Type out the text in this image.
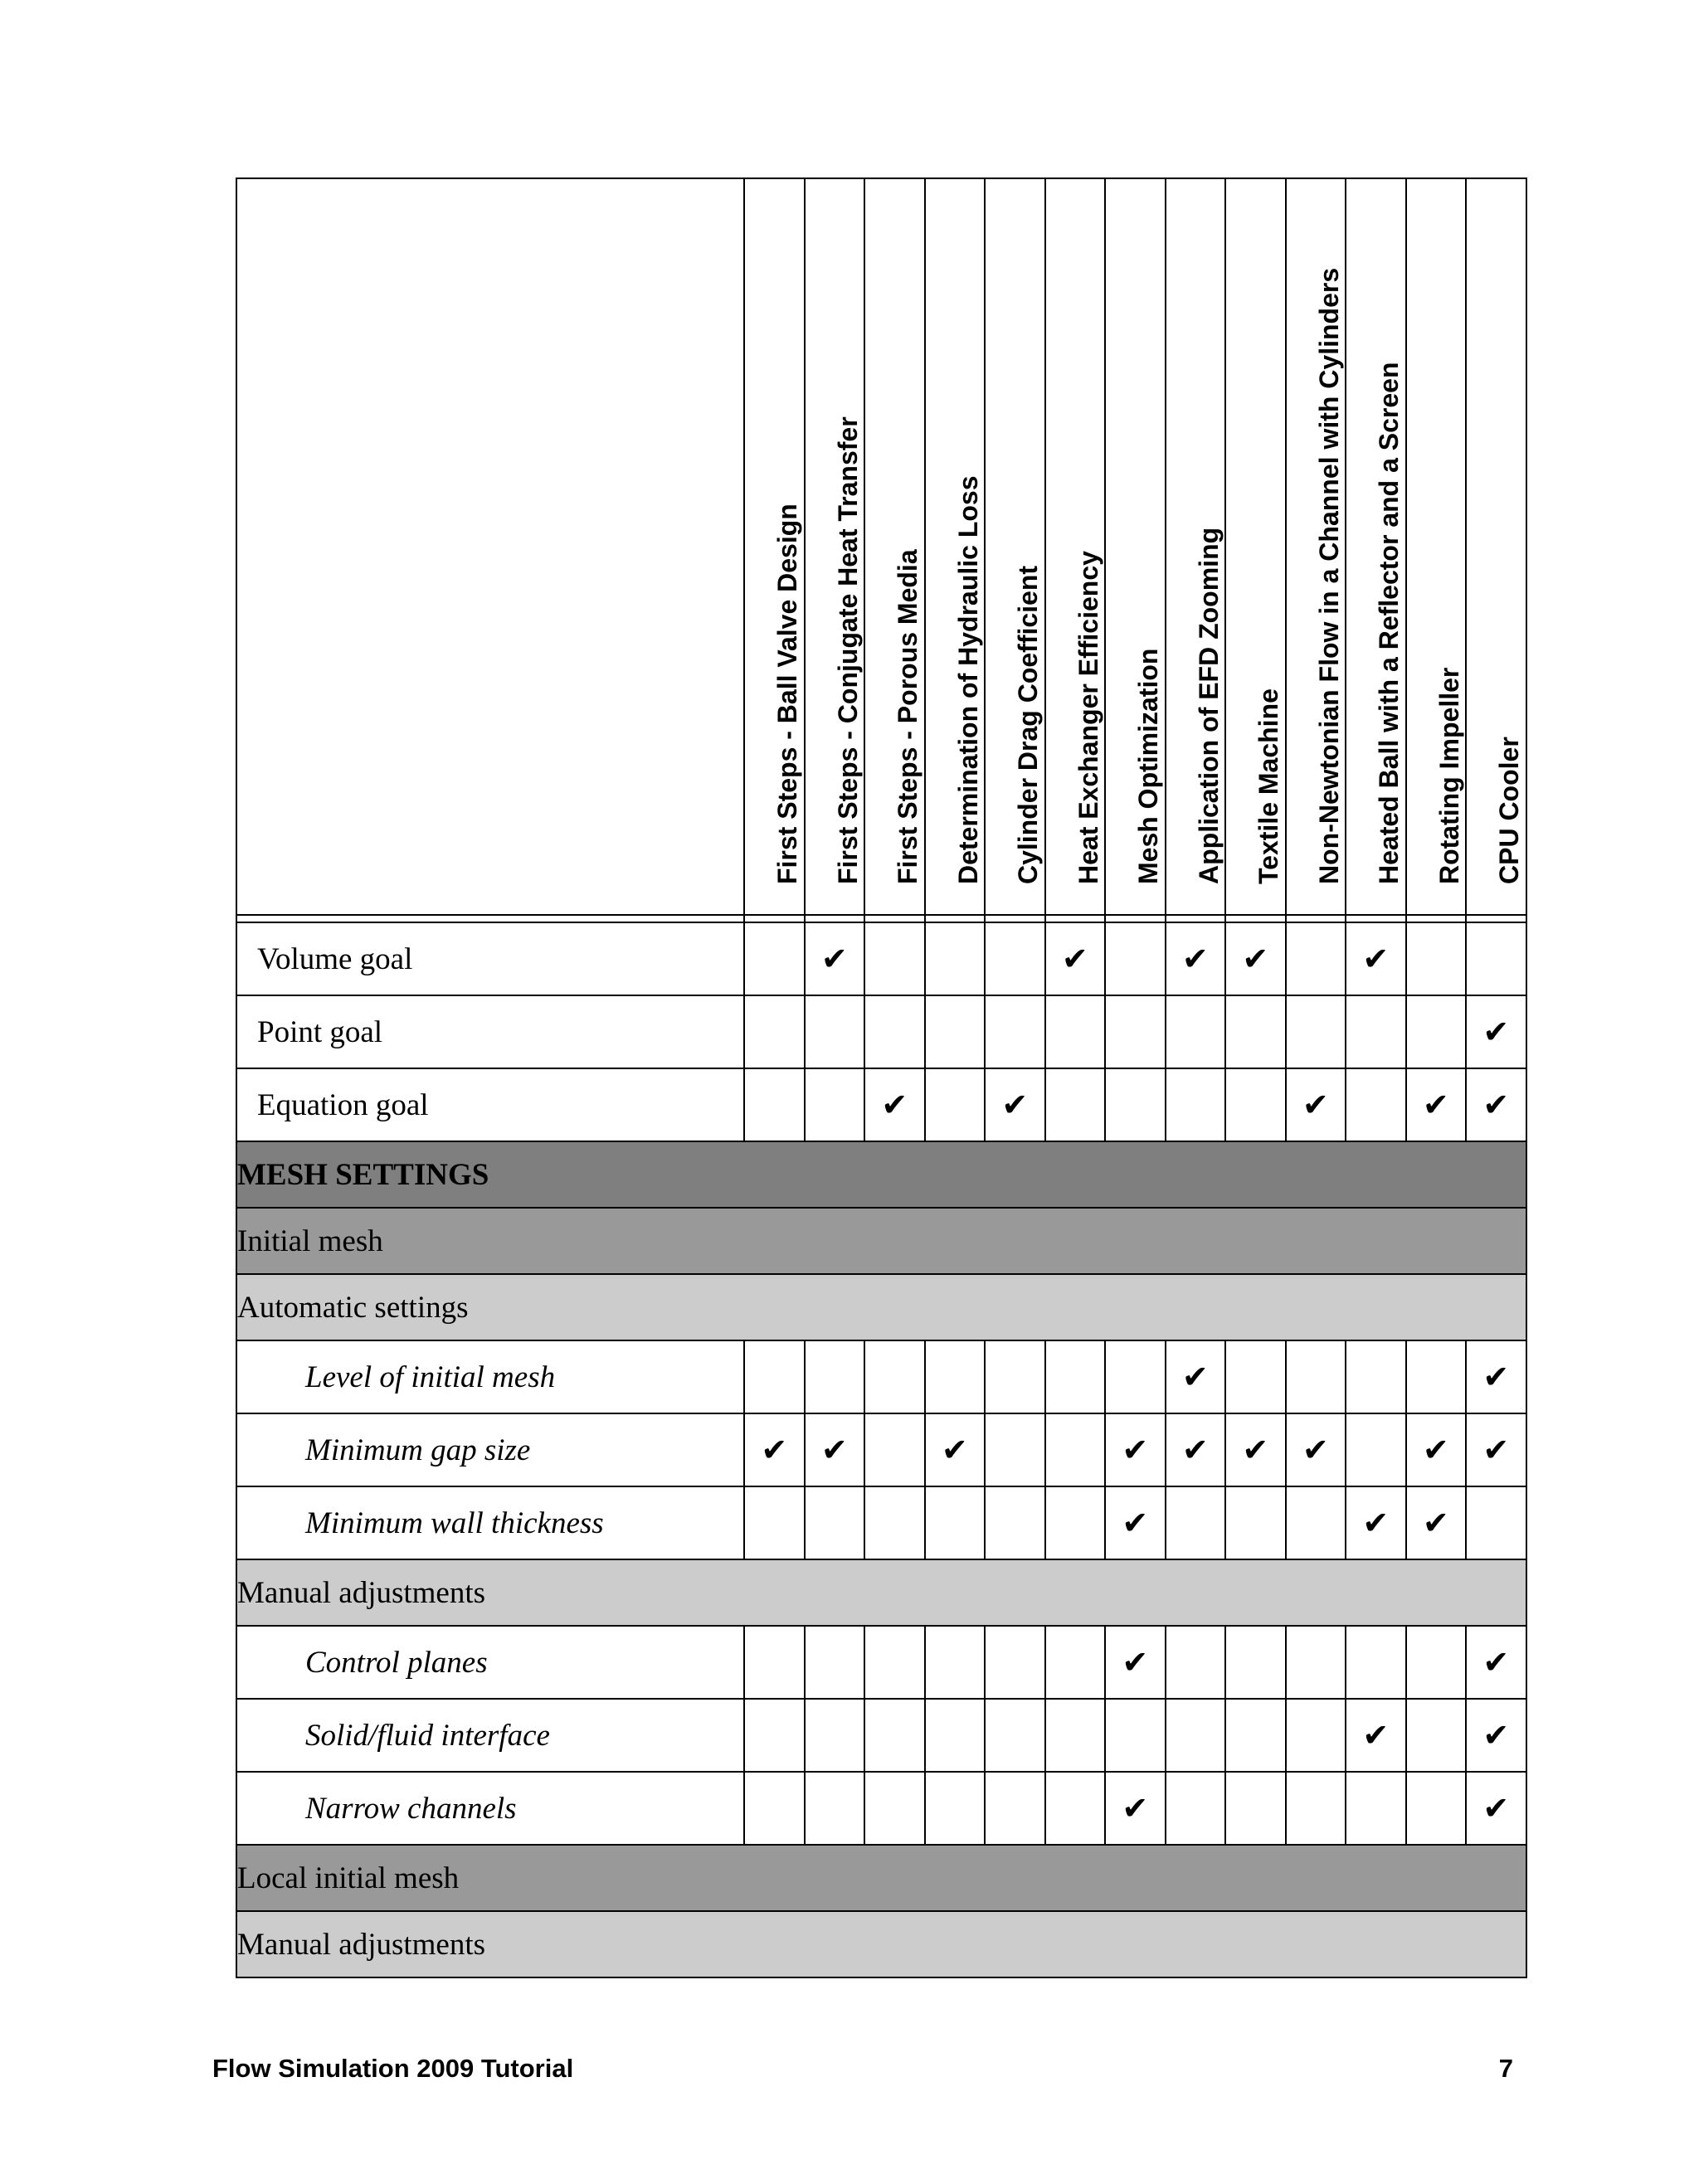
	First Steps - Ball Valve Design	First Steps - Conjugate Heat Transfer	First Steps - Porous Media	Determination of Hydraulic Loss	Cylinder Drag Coefficient	Heat Exchanger Efficiency	Mesh Optimization	Application of EFD Zooming	Textile Machine	Non-Newtonian Flow in a Channel with Cylinders	Heated Ball with a Reflector and a Screen	Rotating Impeller	CPU Cooler

Volume goal		✔				✔		✔	✔		✔		
Point goal													✔
Equation goal			✔		✔					✔		✔	✔
MESH SETTINGS													
Initial mesh													
Automatic settings													
Level of initial mesh								✔					✔
Minimum gap size	✔	✔		✔			✔	✔	✔	✔		✔	✔
Minimum wall thickness							✔				✔	✔	
Manual adjustments													
Control planes							✔						✔
Solid/fluid interface											✔		✔
Narrow channels							✔						✔
Local initial mesh													
Manual adjustments													
Flow Simulation 2009 Tutorial	7
